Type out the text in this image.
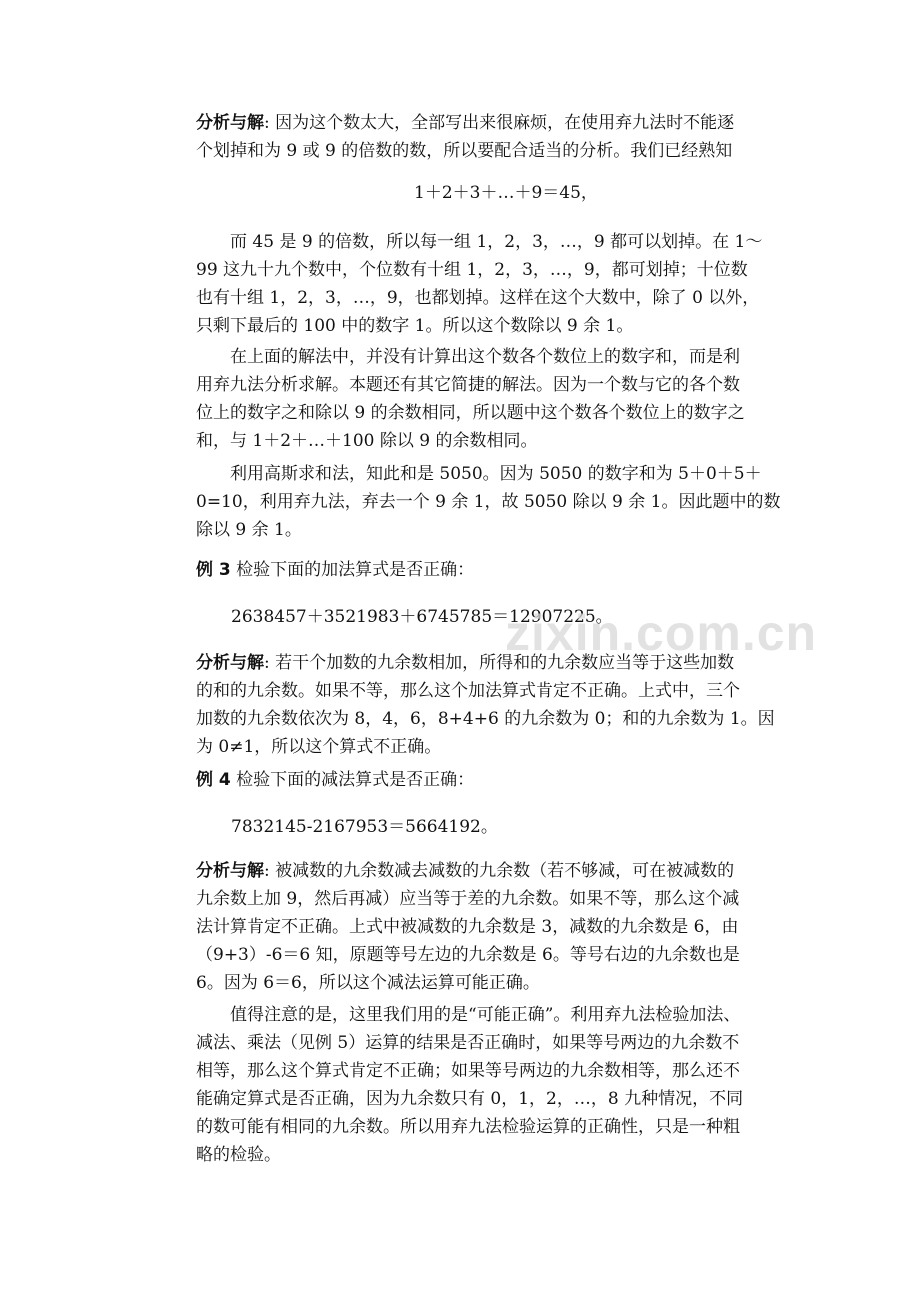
分析与解: 因为这个数太大，全部写出来很麻烦，在使用弃九法时不能逐
个划掉和为 9 或 9 的倍数的数，所以要配合适当的分析。我们已经熟知
1＋2＋3＋…＋9＝45，
　　而 45 是 9 的倍数，所以每一组 1，2，3，…，9 都可以划掉。在 1～
99 这九十九个数中，个位数有十组 1，2，3，…，9，都可划掉；十位数
也有十组 1，2，3，…，9，也都划掉。这样在这个大数中，除了 0 以外，
只剩下最后的 100 中的数字 1。所以这个数除以 9 余 1。
　　在上面的解法中，并没有计算出这个数各个数位上的数字和，而是利
用弃九法分析求解。本题还有其它简捷的解法。因为一个数与它的各个数
位上的数字之和除以 9 的余数相同，所以题中这个数各个数位上的数字之
和，与 1＋2＋…＋100 除以 9 的余数相同。
　　利用高斯求和法，知此和是 5050。因为 5050 的数字和为 5＋0＋5＋
0=10，利用弃九法，弃去一个 9 余 1，故 5050 除以 9 余 1。因此题中的数
除以 9 余 1。
例 3 检验下面的加法算式是否正确：
2638457＋3521983＋6745785＝12907225。
分析与解: 若干个加数的九余数相加，所得和的九余数应当等于这些加数
的和的九余数。如果不等，那么这个加法算式肯定不正确。上式中，三个
加数的九余数依次为 8，4，6，8+4+6 的九余数为 0；和的九余数为 1。因
为 0≠1，所以这个算式不正确。
例 4 检验下面的减法算式是否正确：
7832145-2167953＝5664192。
分析与解: 被减数的九余数减去减数的九余数（若不够减，可在被减数的
九余数上加 9，然后再减）应当等于差的九余数。如果不等，那么这个减
法计算肯定不正确。上式中被减数的九余数是 3，减数的九余数是 6，由
（9+3）-6＝6 知，原题等号左边的九余数是 6。等号右边的九余数也是
6。因为 6＝6，所以这个减法运算可能正确。
　　值得注意的是，这里我们用的是“可能正确”。利用弃九法检验加法、
减法、乘法（见例 5）运算的结果是否正确时，如果等号两边的九余数不
相等，那么这个算式肯定不正确；如果等号两边的九余数相等，那么还不
能确定算式是否正确，因为九余数只有 0，1，2，…，8 九种情况，不同
的数可能有相同的九余数。所以用弃九法检验运算的正确性，只是一种粗
略的检验。
zixin.com.cn
